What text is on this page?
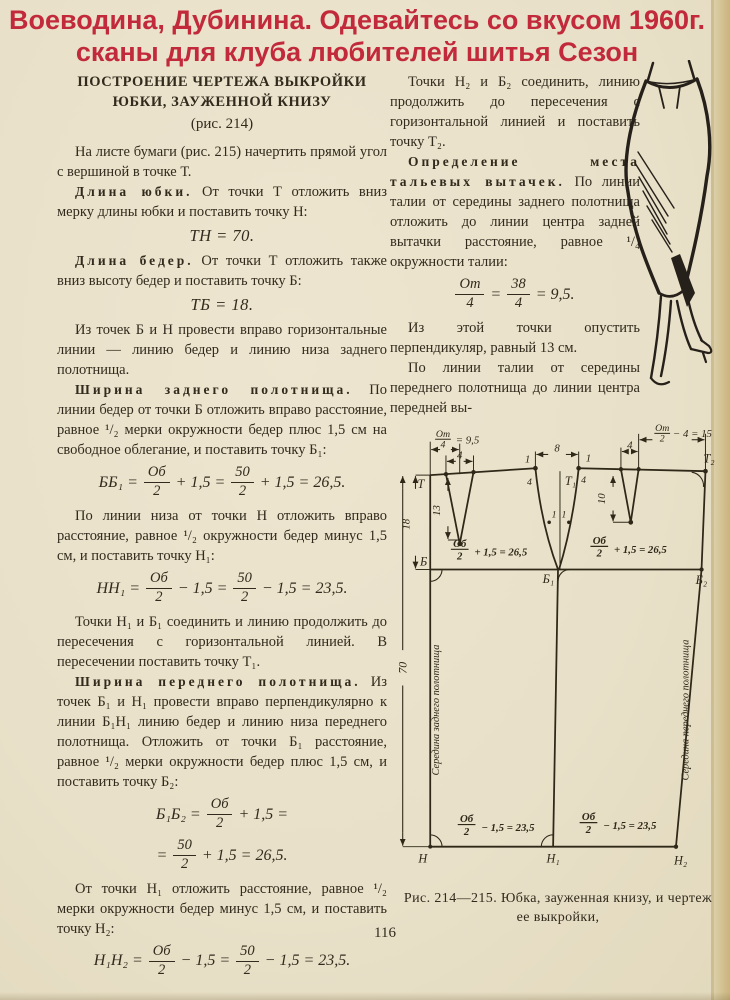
Воеводина, Дубинина. Одевайтесь со вкусом 1960г.
сканы для клуба любителей шитья Сезон
ПОСТРОЕНИЕ ЧЕРТЕЖА ВЫКРОЙКИ
ЮБКИ, ЗАУЖЕННОЙ КНИЗУ
(рис. 214)

На листе бумаги (рис. 215) начертить прямой угол с вершиной в точке Т.

Длина юбки. От точки Т отложить вниз мерку длины юбки и поставить точку Н:

ТН = 70.

Длина бедер. От точки Т отложить также вниз высоту бедер и поставить точку Б:

ТБ = 18.

Из точек Б и Н провести вправо горизонтальные линии — линию бедер и линию низа заднего полотнища.

Ширина заднего полотнища. По линии бедер от точки Б отложить вправо расстояние, равное ¹/₂ мерки окружности бедер плюс 1,5 см на свободное облегание, и поставить точку Б₁:

$ББ_1 = \frac{Об}{2} + 1,5 = \frac{50}{2} + 1,5 = 26,5$.

По линии низа от точки Н отложить вправо расстояние, равное ¹/₂ окружности бедер минус 1,5 см, и поставить точку Н₁:

$НН_1 = \frac{Об}{2} - 1,5 = \frac{50}{2} - 1,5 = 23,5$.

Точки Н₁ и Б₁ соединить и линию продолжить до пересечения с горизонтальной линией. В пересечении поставить точку Т₁.

Ширина переднего полотнища. Из точек Б₁ и Н₁ провести вправо перпендикулярно к линии Б₁Н₁ линию бедер и линию низа переднего полотнища. Отложить от точки Б₁ расстояние, равное ¹/₂ мерки окружности бедер плюс 1,5 см, и поставить точку Б₂:

$Б_1Б_2 = \frac{Об}{2} + 1,5$ =
= $\frac{50}{2} + 1,5 = 26,5$.

От точки Н₁ отложить расстояние, равное ¹/₂ мерки окружности бедер минус 1,5 см, и поставить точку Н₂:

$Н_1Н_2 = \frac{Об}{2} - 1,5 = \frac{50}{2} - 1,5 = 23,5$.

Точки Н₂ и Б₂ соединить, линию продолжить до пересечения с горизонтальной линией и поставить точку Т₂.

Определение места тальевых вытачек. По линии талии от середины заднего полотнища отложить до линии центра задней вытачки расстояние, равное ¹/₄ окружности талии:

$\frac{От}{4} = \frac{38}{4} = 9,5$.

Из этой точки опустить перпендикуляр, равный 13 см.

По линии талии от середины переднего полотнища до линии центра передней вы-

От
4 = 9,5
4
13
18
70
1
8
1
4	4
1 1
4
10
От
2 − 4 = 15
Об
2 + 1,5 = 26,5
Об
2 + 1,5 = 26,5
Об
2 − 1,5 = 23,5
Об
2 − 1,5 = 23,5
Середина заднего полотнища	Середина переднего полотнища
Т
Б
Н
Т₁
Б₁
Н₁
Т₂
Б₂
Н₂
Рис. 214—215. Юбка, зауженная книзу, и чертеж
ее выкройки,
116
